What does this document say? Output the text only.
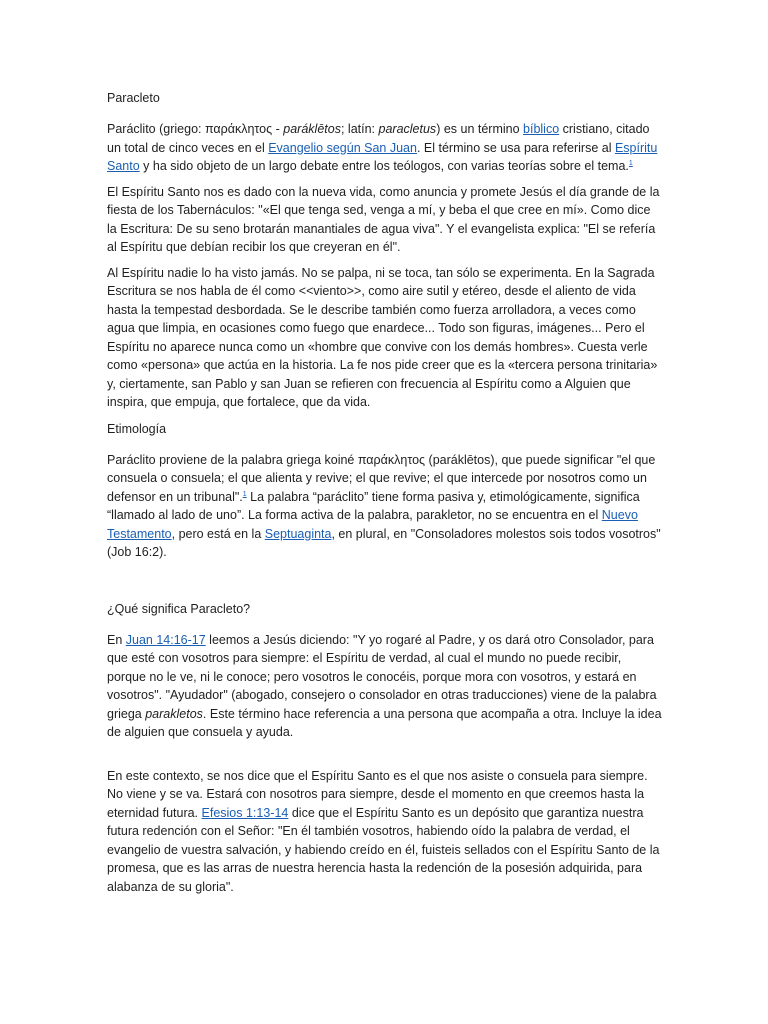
Paracleto

Paráclito (griego: παράκλητος - paráklētos; latín: paracletus) es un término bíblico cristiano, citado un total de cinco veces en el Evangelio según San Juan. El término se usa para referirse al Espíritu Santo y ha sido objeto de un largo debate entre los teólogos, con varias teorías sobre el tema.$^1$

El Espíritu Santo nos es dado con la nueva vida, como anuncia y promete Jesús el día grande de la fiesta de los Tabernáculos: "«El que tenga sed, venga a mí, y beba el que cree en mí». Como dice la Escritura: De su seno brotarán manantiales de agua viva". Y el evangelista explica: "El se refería al Espíritu que debían recibir los que creyeran en él".

Al Espíritu nadie lo ha visto jamás. No se palpa, ni se toca, tan sólo se experimenta. En la Sagrada Escritura se nos habla de él como <<viento>>, como aire sutil y etéreo, desde el aliento de vida hasta la tempestad desbordada. Se le describe también como fuerza arrolladora, a veces como agua que limpia, en ocasiones como fuego que enardece... Todo son figuras, imágenes... Pero el Espíritu no aparece nunca como un «hombre que convive con los demás hombres». Cuesta verle como «persona» que actúa en la historia. La fe nos pide creer que es la «tercera persona trinitaria» y, ciertamente, san Pablo y san Juan se refieren con frecuencia al Espíritu como a Alguien que inspira, que empuja, que fortalece, que da vida.

Etimología

Paráclito proviene de la palabra griega koiné παράκλητος (paráklētos), que puede significar "el que consuela o consuela; el que alienta y revive; el que revive; el que intercede por nosotros como un defensor en un tribunal".$^1$ La palabra “paráclito” tiene forma pasiva y, etimológicamente, significa “llamado al lado de uno”. La forma activa de la palabra, parakletor, no se encuentra en el Nuevo Testamento, pero está en la Septuaginta, en plural, en "Consoladores molestos sois todos vosotros" (Job 16:2).

¿Qué significa Paracleto?

En Juan 14:16-17 leemos a Jesús diciendo: "Y yo rogaré al Padre, y os dará otro Consolador, para que esté con vosotros para siempre: el Espíritu de verdad, al cual el mundo no puede recibir, porque no le ve, ni le conoce; pero vosotros le conocéis, porque mora con vosotros, y estará en vosotros". "Ayudador" (abogado, consejero o consolador en otras traducciones) viene de la palabra griega parakletos. Este término hace referencia a una persona que acompaña a otra. Incluye la idea de alguien que consuela y ayuda.

En este contexto, se nos dice que el Espíritu Santo es el que nos asiste o consuela para siempre. No viene y se va. Estará con nosotros para siempre, desde el momento en que creemos hasta la eternidad futura. Efesios 1:13-14 dice que el Espíritu Santo es un depósito que garantiza nuestra futura redención con el Señor: "En él también vosotros, habiendo oído la palabra de verdad, el evangelio de vuestra salvación, y habiendo creído en él, fuisteis sellados con el Espíritu Santo de la promesa, que es las arras de nuestra herencia hasta la redención de la posesión adquirida, para alabanza de su gloria".
